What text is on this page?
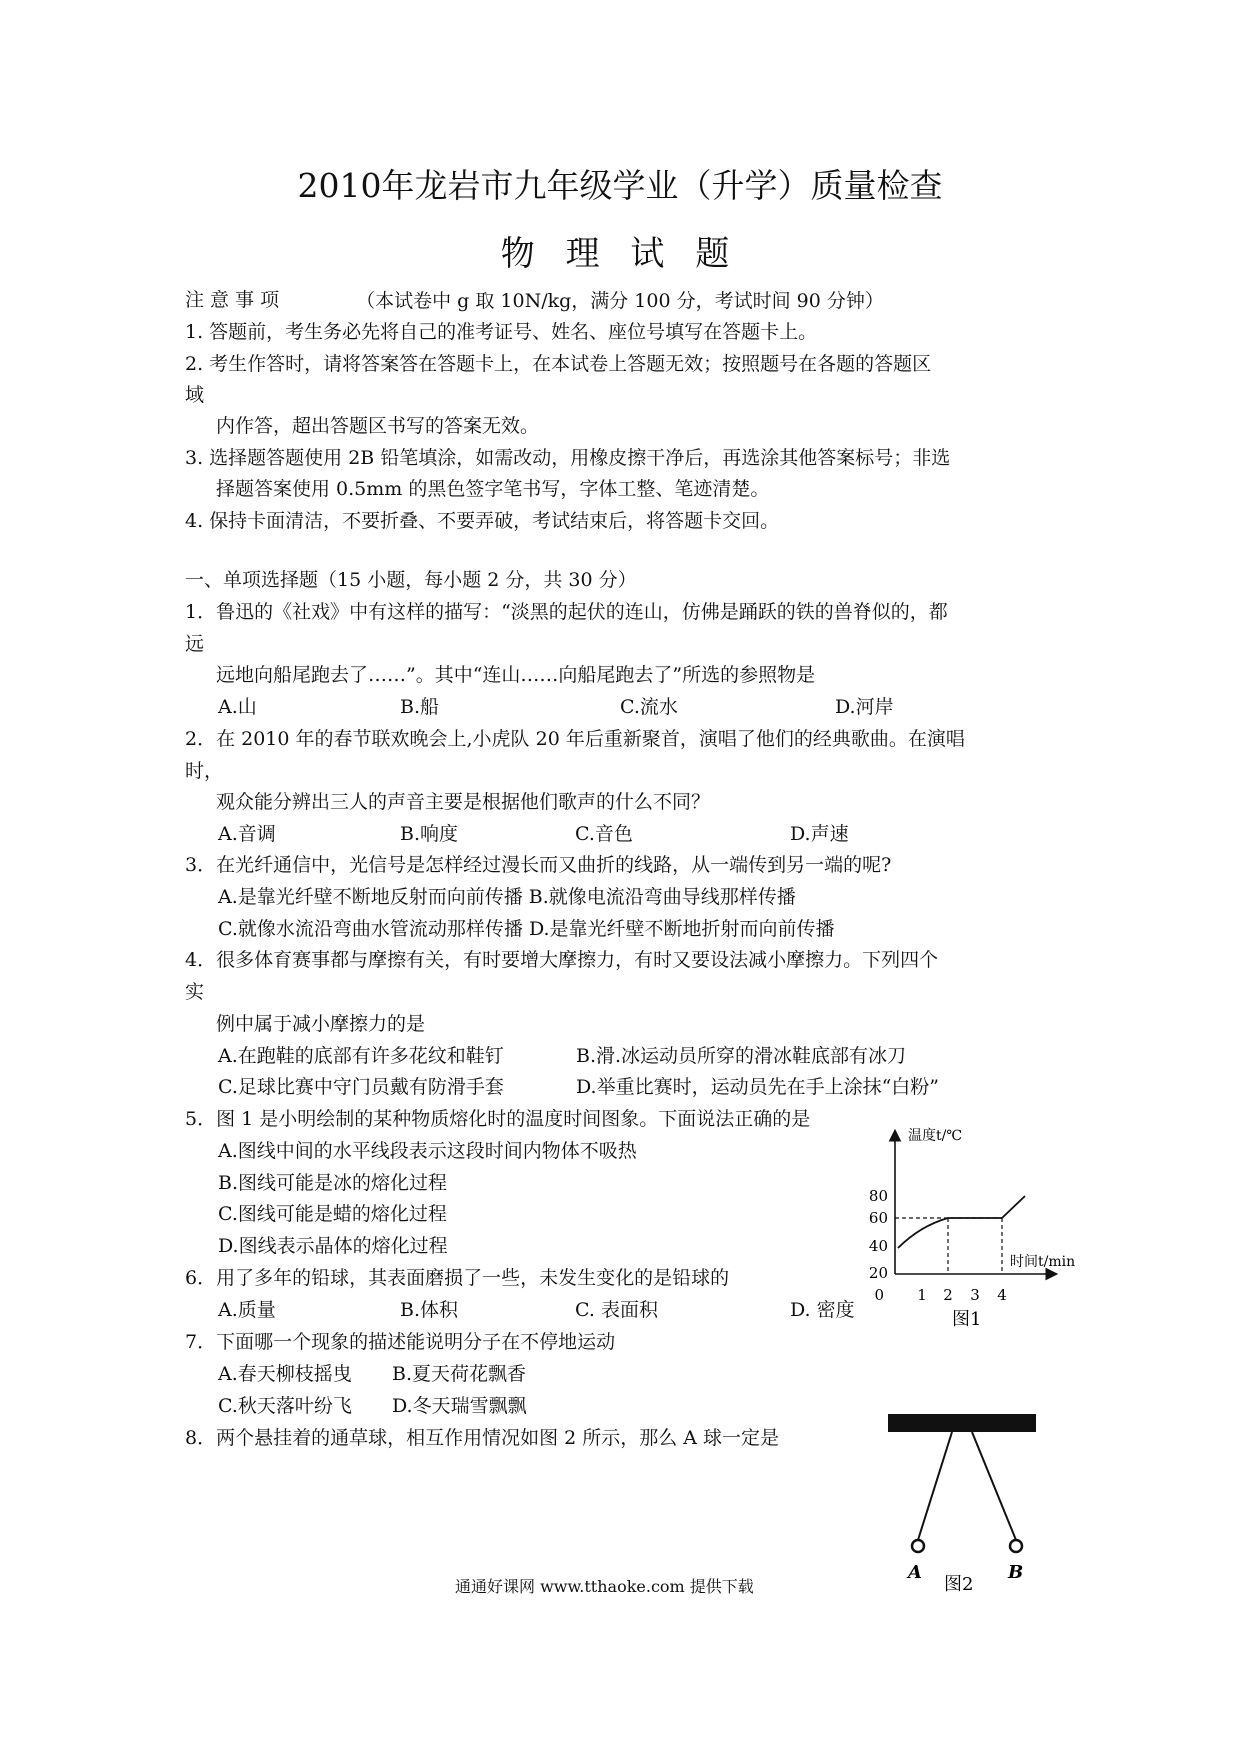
2010年龙岩市九年级学业（升学）质量检查
物 理 试 题
（本试卷中 g 取 10N/kg，满分 100 分，考试时间 90 分钟）
注 意 事 项
1. 答题前，考生务必先将自己的准考证号、姓名、座位号填写在答题卡上。
2. 考生作答时，请将答案答在答题卡上，在本试卷上答题无效；按照题号在各题的答题区
域
内作答，超出答题区书写的答案无效。
3. 选择题答题使用 2B 铅笔填涂，如需改动，用橡皮擦干净后，再选涂其他答案标号；非选
择题答案使用 0.5mm 的黑色签字笔书写，字体工整、笔迹清楚。
4. 保持卡面清洁，不要折叠、不要弄破，考试结束后，将答题卡交回。
一、单项选择题（15 小题，每小题 2 分，共 30 分）
1．鲁迅的《社戏》中有这样的描写：“淡黑的起伏的连山，仿佛是踊跃的铁的兽脊似的，都
远
远地向船尾跑去了……”。其中“连山……向船尾跑去了”所选的参照物是
A.山	B.船	C.流水	D.河岸
2．在 2010 年的春节联欢晚会上,小虎队 20 年后重新聚首，演唱了他们的经典歌曲。在演唱
时，
观众能分辨出三人的声音主要是根据他们歌声的什么不同？
A.音调	B.响度	C.音色	D.声速
3．在光纤通信中，光信号是怎样经过漫长而又曲折的线路，从一端传到另一端的呢?
A.是靠光纤壁不断地反射而向前传播 B.就像电流沿弯曲导线那样传播
C.就像水流沿弯曲水管流动那样传播 D.是靠光纤壁不断地折射而向前传播
4．很多体育赛事都与摩擦有关，有时要增大摩擦力，有时又要设法减小摩擦力。下列四个
实
例中属于减小摩擦力的是
A.在跑鞋的底部有许多花纹和鞋钉	B.滑.冰运动员所穿的滑冰鞋底部有冰刀
C.足球比赛中守门员戴有防滑手套	D.举重比赛时，运动员先在手上涂抹“白粉”
5．图 1 是小明绘制的某种物质熔化时的温度时间图象。下面说法正确的是
A.图线中间的水平线段表示这段时间内物体不吸热
B.图线可能是冰的熔化过程
C.图线可能是蜡的熔化过程
D.图线表示晶体的熔化过程
80
60
40
20
0 1 2 3 4
温度t/℃
时间t/min
图1
6．用了多年的铅球，其表面磨损了一些，未发生变化的是铅球的
A.质量	B.体积	C. 表面积	D. 密度
7．下面哪一个现象的描述能说明分子在不停地运动
A.春天柳枝摇曳 B.夏天荷花飘香
C.秋天落叶纷飞 D.冬天瑞雪飘飘
8．两个悬挂着的通草球，相互作用情况如图 2 所示，那么 A 球一定是
A	B
图2
通通好课网 www.tthaoke.com 提供下载
